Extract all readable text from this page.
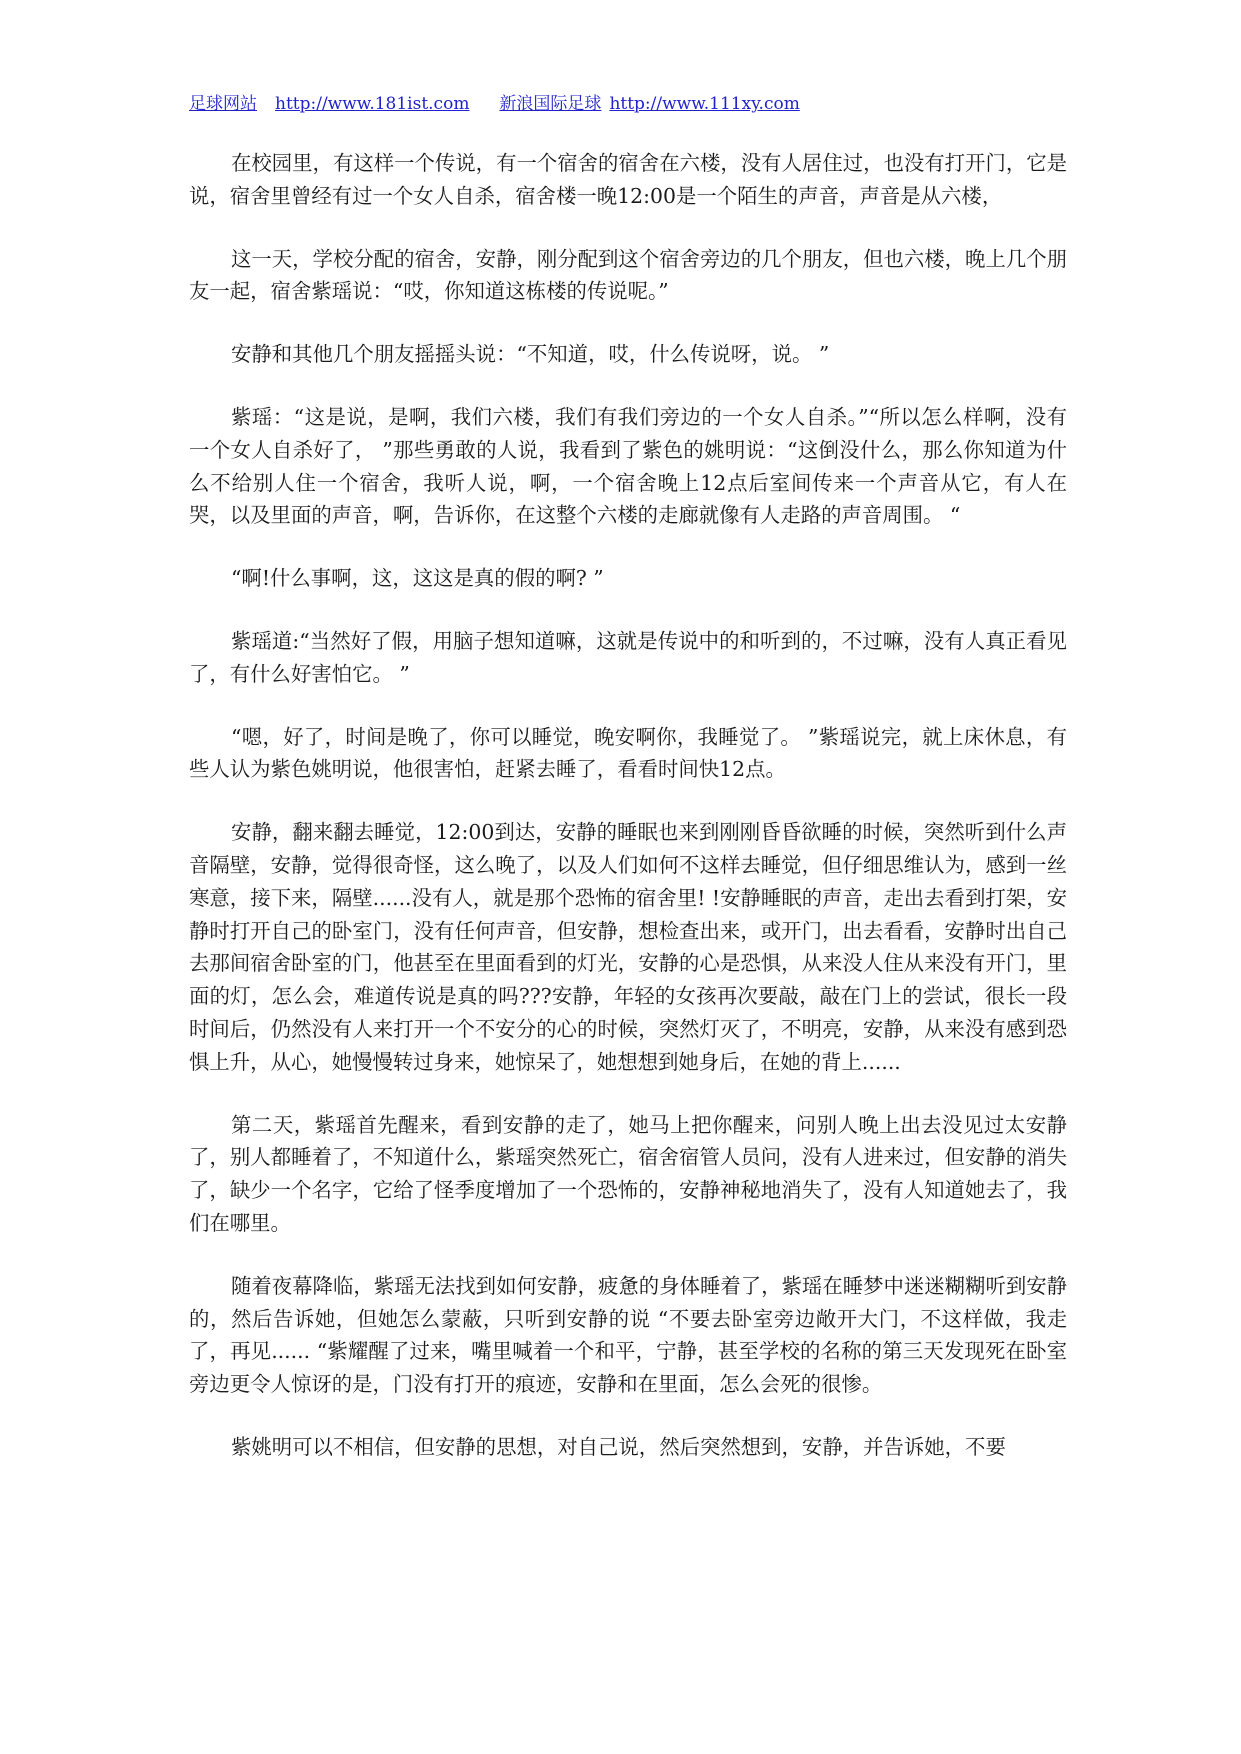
足球网站 http://www.181ist.com 新浪国际足球 http://www.111xy.com

在校园里，有这样一个传说，有一个宿舍的宿舍在六楼，没有人居住过，也没有打开门，它是说，宿舍里曾经有过一个女人自杀，宿舍楼一晚12:00是一个陌生的声音，声音是从六楼，

这一天，学校分配的宿舍，安静，刚分配到这个宿舍旁边的几个朋友，但也六楼，晚上几个朋友一起，宿舍紫瑶说：“哎，你知道这栋楼的传说呢。”

安静和其他几个朋友摇摇头说：“不知道，哎，什么传说呀，说。 ”

紫瑶：“这是说，是啊，我们六楼，我们有我们旁边的一个女人自杀。”“所以怎么样啊，没有一个女人自杀好了， ”那些勇敢的人说，我看到了紫色的姚明说：“这倒没什么，那么你知道为什么不给别人住一个宿舍，我听人说，啊，一个宿舍晚上12点后室间传来一个声音从它，有人在哭，以及里面的声音，啊，告诉你，在这整个六楼的走廊就像有人走路的声音周围。 “

“啊!什么事啊，这，这这是真的假的啊? ”

紫瑶道:“当然好了假，用脑子想知道嘛，这就是传说中的和听到的，不过嘛，没有人真正看见了，有什么好害怕它。 ”

“嗯，好了，时间是晚了，你可以睡觉，晚安啊你，我睡觉了。 ”紫瑶说完，就上床休息，有些人认为紫色姚明说，他很害怕，赶紧去睡了，看看时间快12点。

安静，翻来翻去睡觉，12:00到达，安静的睡眠也来到刚刚昏昏欲睡的时候，突然听到什么声音隔壁，安静，觉得很奇怪，这么晚了，以及人们如何不这样去睡觉，但仔细思维认为，感到一丝寒意，接下来，隔壁......没有人，就是那个恐怖的宿舍里! !安静睡眠的声音，走出去看到打架，安静时打开自己的卧室门，没有任何声音，但安静，想检查出来，或开门，出去看看，安静时出自己去那间宿舍卧室的门，他甚至在里面看到的灯光，安静的心是恐惧，从来没人住从来没有开门，里面的灯，怎么会，难道传说是真的吗???安静，年轻的女孩再次要敲，敲在门上的尝试，很长一段时间后，仍然没有人来打开一个不安分的心的时候，突然灯灭了，不明亮，安静，从来没有感到恐惧上升，从心，她慢慢转过身来，她惊呆了，她想想到她身后，在她的背上......

第二天，紫瑶首先醒来，看到安静的走了，她马上把你醒来，问别人晚上出去没见过太安静了，别人都睡着了，不知道什么，紫瑶突然死亡，宿舍宿管人员问，没有人进来过，但安静的消失了，缺少一个名字，它给了怪季度增加了一个恐怖的，安静神秘地消失了，没有人知道她去了，我们在哪里。

随着夜幕降临，紫瑶无法找到如何安静，疲惫的身体睡着了，紫瑶在睡梦中迷迷糊糊听到安静的，然后告诉她，但她怎么蒙蔽，只听到安静的说 “不要去卧室旁边敞开大门，不这样做，我走了，再见...... “紫耀醒了过来，嘴里喊着一个和平，宁静，甚至学校的名称的第三天发现死在卧室旁边更令人惊讶的是，门没有打开的痕迹，安静和在里面，怎么会死的很惨。

紫姚明可以不相信，但安静的思想，对自己说，然后突然想到，安静，并告诉她，不要
